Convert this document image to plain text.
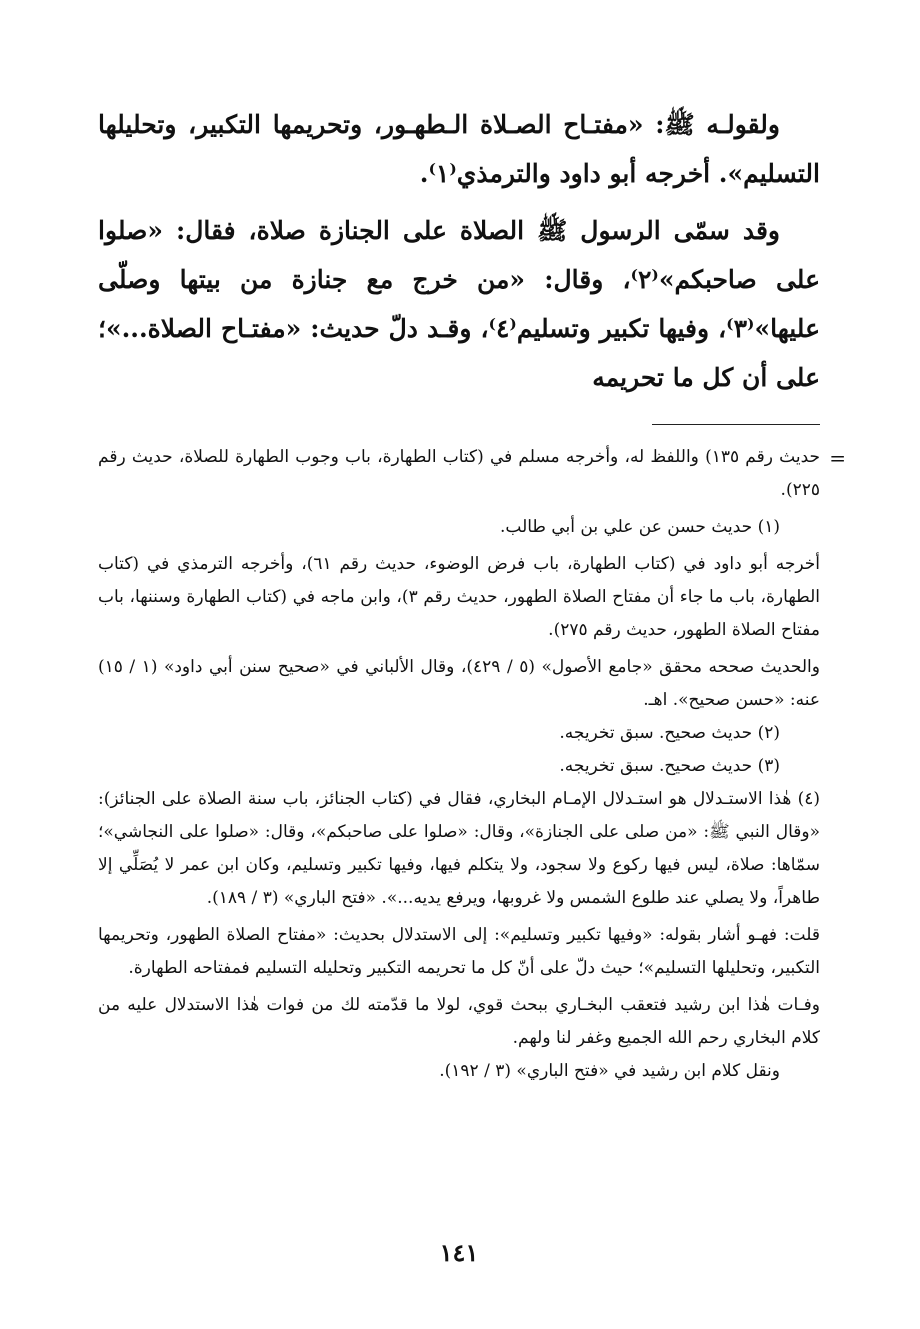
ولقولـه ﷺ: «مفتـاح الصـلاة الـطهـور، وتحريمها التكبير، وتحليلها التسليم». أخرجه أبو داود والترمذي⁽١⁾.

وقد سمّى الرسول ﷺ الصلاة على الجنازة صلاة، فقال: «صلوا على صاحبكم»⁽٢⁾، وقال: «من خرج مع جنازة من بيتها وصلّى عليها»⁽٣⁾، وفيها تكبير وتسليم⁽٤⁾، وقـد دلّ حديث: «مفتـاح الصلاة...»؛ على أن كل ما تحريمه

=

حديث رقم ١٣٥) واللفظ له، وأخرجه مسلم في (كتاب الطهارة، باب وجوب الطهارة للصلاة، حديث رقم ٢٢٥).

(١) حديث حسن عن علي بن أبي طالب.

أخرجه أبو داود في (كتاب الطهارة، باب فرض الوضوء، حديث رقم ٦١)، وأخرجه الترمذي في (كتاب الطهارة، باب ما جاء أن مفتاح الصلاة الطهور، حديث رقم ٣)، وابن ماجه في (كتاب الطهارة وسننها، باب مفتاح الصلاة الطهور، حديث رقم ٢٧٥).

والحديث صححه محقق «جامع الأصول» (٥ / ٤٢٩)، وقال الألباني في «صحيح سنن أبي داود» (١ / ١٥) عنه: «حسن صحيح». اهـ.

(٢) حديث صحيح. سبق تخريجه.

(٣) حديث صحيح. سبق تخريجه.

(٤) هٰذا الاستـدلال هو استـدلال الإمـام البخاري، فقال في (كتاب الجنائز، باب سنة الصلاة على الجنائز): «وقال النبي ﷺ: «من صلى على الجنازة»، وقال: «صلوا على صاحبكم»، وقال: «صلوا على النجاشي»؛ سمّاها: صلاة، ليس فيها ركوع ولا سجود، ولا يتكلم فيها، وفيها تكبير وتسليم، وكان ابن عمر لا يُصَلِّي إلا طاهراً، ولا يصلي عند طلوع الشمس ولا غروبها، ويرفع يديه...». «فتح الباري» (٣ / ١٨٩).

قلت: فهـو أشار بقوله: «وفيها تكبير وتسليم»: إلى الاستدلال بحديث: «مفتاح الصلاة الطهور، وتحريمها التكبير، وتحليلها التسليم»؛ حيث دلّ على أنّ كل ما تحريمه التكبير وتحليله التسليم فمفتاحه الطهارة.

وفـات هٰذا ابن رشيد فتعقب البخـاري ببحث قوي، لولا ما قدّمته لك من فوات هٰذا الاستدلال عليه من كلام البخاري رحم الله الجميع وغفر لنا ولهم.

ونقل كلام ابن رشيد في «فتح الباري» (٣ / ١٩٢).

١٤١
